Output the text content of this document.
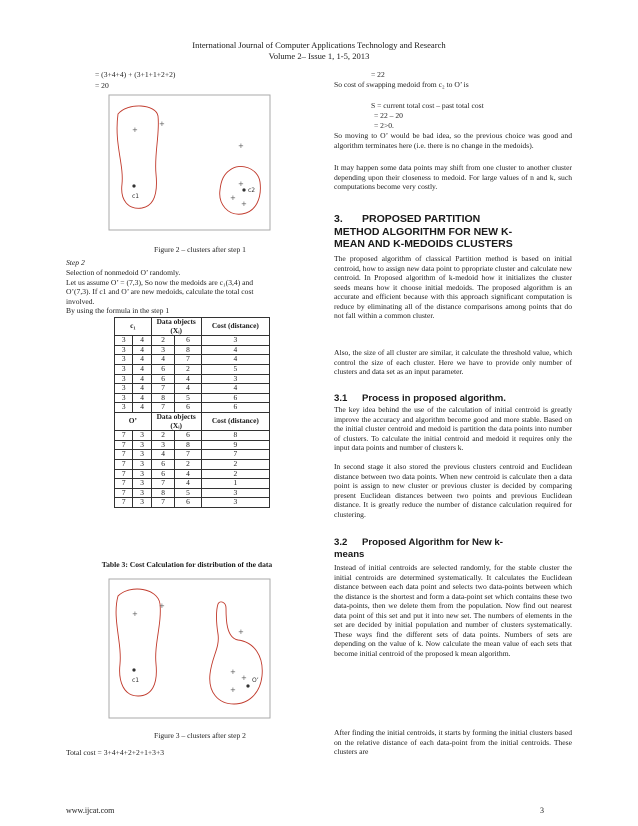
International Journal of Computer Applications Technology and Research
Volume 2– Issue 1, 1-5, 2013
= (3+4+4) + (3+1+1+2+2)
= 20
+
+
+
+
+
+
c1
c2
Figure 2 – clusters after step 1
Step 2
Selection of nonmedoid O’ randomly.
Let us assume O’ = (7,3), So now the medoids are c₁(3,4) and
O’(7,3). If c1 and O’ are new medoids, calculate the total cost
involved.
By using the formula in the step 1
c₁		Data objects (Xᵢ)		Cost (distance)
3	4	2	6	3
3	4	3	8	4
3	4	4	7	4
3	4	6	2	5
3	4	6	4	3
3	4	7	4	4
3	4	8	5	6
3	4	7	6	6
O’		Data objects (Xᵢ)		Cost (distance)
7	3	2	6	8
7	3	3	8	9
7	3	4	7	7
7	3	6	2	2
7	3	6	4	2
7	3	7	4	1
7	3	8	5	3
7	3	7	6	3
Table 3: Cost Calculation for distribution of the data
+
+
+
+
+
+
c1	O’
Figure 3 – clusters after step 2
Total cost = 3+4+4+2+2+1+3+3
= 22
So cost of swapping medoid from c₂ to O’ is
S = current total cost – past total cost
= 22 – 20
= 2>0.
So moving to O’ would be bad idea, so the previous choice was good and algorithm terminates here (i.e. there is no change in the medoids).
It may happen some data points may shift from one cluster to another cluster depending upon their closeness to medoid. For large values of n and k, such computations become very costly.
3. PROPOSED PARTITION
METHOD ALGORITHM FOR NEW K-
MEAN AND K-MEDOIDS CLUSTERS
The proposed algorithm of classical Partition method is based on initial centroid, how to assign new data point to ppropriate cluster and calculate new centroid. In Proposed algorithm of k-medoid how it initializes the cluster seeds means how it choose initial medoids. The proposed algorithm is an accurate and efficient because with this approach significant computation is reduce by eliminating all of the distance comparisons among points that do not fall within a common cluster.
Also, the size of all cluster are similar, it calculate the threshold value, which control the size of each cluster. Here we have to provide only number of clusters and data set as an input parameter.
3.1 Process in proposed algorithm.
The key idea behind the use of the calculation of initial centroid is greatly improve the accuracy and algorithm become good and more stable. Based on the initial cluster centroid and medoid is partition the data points into number of clusters. To calculate the initial centroid and medoid it requires only the input data points and number of clusters k.
In second stage it also stored the previous clusters centroid and Euclidean distance between two data points. When new centroid is calculate then a data point is assign to new cluster or previous cluster is decided by comparing present Euclidean distances between two points and previous Euclidean distance. It is greatly reduce the number of distance calculation required for clustering.
3.2 Proposed Algorithm for New k-
means
Instead of initial centroids are selected randomly, for the stable cluster the initial centroids are determined systematically. It calculates the Euclidean distance between each data point and selects two data-points between which the distance is the shortest and form a data-point set which contains these two data-points, then we delete them from the population. Now find out nearest data point of this set and put it into new set. The numbers of elements in the set are decided by initial population and number of clusters systematically. These ways find the different sets of data points. Numbers of sets are depending on the value of k. Now calculate the mean value of each sets that become initial centroid of the proposed k mean algorithm.
After finding the initial centroids, it starts by forming the initial clusters based on the relative distance of each data-point from the initial centroids. These clusters are
www.ijcat.com	3
